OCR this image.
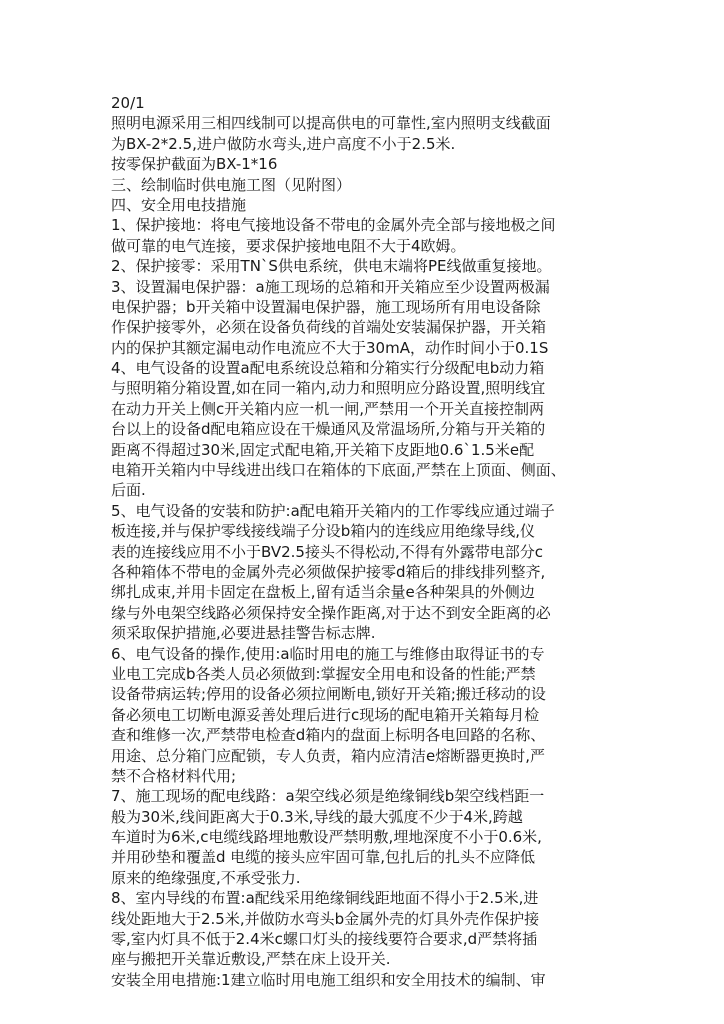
20/1
照明电源采用三相四线制可以提高供电的可靠性,室内照明支线截面
为BX-2*2.5,进户做防水弯头,进户高度不小于2.5米.
按零保护截面为BX-1*16
三、绘制临时供电施工图（见附图）
四、安全用电技措施
1、保护接地：将电气接地设备不带电的金属外壳全部与接地极之间
做可靠的电气连接，要求保护接地电阻不大于4欧姆。
2、保护接零：采用TN`S供电系统，供电末端将PE线做重复接地。
3、设置漏电保护器：a施工现场的总箱和开关箱应至少设置两极漏
电保护器；b开关箱中设置漏电保护器，施工现场所有用电设备除
作保护接零外，必须在设备负荷线的首端处安装漏保护器，开关箱
内的保护其额定漏电动作电流应不大于30mA，动作时间小于0.1S
4、电气设备的设置a配电系统设总箱和分箱实行分级配电b动力箱
与照明箱分箱设置,如在同一箱内,动力和照明应分路设置,照明线宜
在动力开关上侧c开关箱内应一机一闸,严禁用一个开关直接控制两
台以上的设备d配电箱应设在干燥通风及常温场所,分箱与开关箱的
距离不得超过30米,固定式配电箱,开关箱下皮距地0.6`1.5米e配
电箱开关箱内中导线进出线口在箱体的下底面,严禁在上顶面、侧面、
后面.
5、电气设备的安装和防护:a配电箱开关箱内的工作零线应通过端子
板连接,并与保护零线接线端子分设b箱内的连线应用绝缘导线,仪
表的连接线应用不小于BV2.5接头不得松动,不得有外露带电部分c
各种箱体不带电的金属外壳必须做保护接零d箱后的排线排列整齐,
绑扎成束,并用卡固定在盘板上,留有适当余量e各种架具的外侧边
缘与外电架空线路必须保持安全操作距离,对于达不到安全距离的必
须采取保护措施,必要进悬挂警告标志牌.
6、电气设备的操作,使用:a临时用电的施工与维修由取得证书的专
业电工完成b各类人员必须做到:掌握安全用电和设备的性能;严禁
设备带病运转;停用的设备必须拉闸断电,锁好开关箱;搬迁移动的设
备必须电工切断电源妥善处理后进行c现场的配电箱开关箱每月检
查和维修一次,严禁带电检查d箱内的盘面上标明各电回路的名称、
用途、总分箱门应配锁，专人负责，箱内应清洁e熔断器更换时,严
禁不合格材料代用;
7、施工现场的配电线路：a架空线必须是绝缘铜线b架空线档距一
般为30米,线间距离大于0.3米,导线的最大弧度不少于4米,跨越
车道时为6米,c电缆线路埋地敷设严禁明敷,埋地深度不小于0.6米,
并用砂垫和覆盖d 电缆的接头应牢固可靠,包扎后的扎头不应降低
原来的绝缘强度,不承受张力.
8、室内导线的布置:a配线采用绝缘铜线距地面不得小于2.5米,进
线处距地大于2.5米,并做防水弯头b金属外壳的灯具外壳作保护接
零,室内灯具不低于2.4米c螺口灯头的接线要符合要求,d严禁将插
座与搬把开关靠近敷设,严禁在床上设开关.
安装全用电措施:1建立临时用电施工组织和安全用技术的编制、审
